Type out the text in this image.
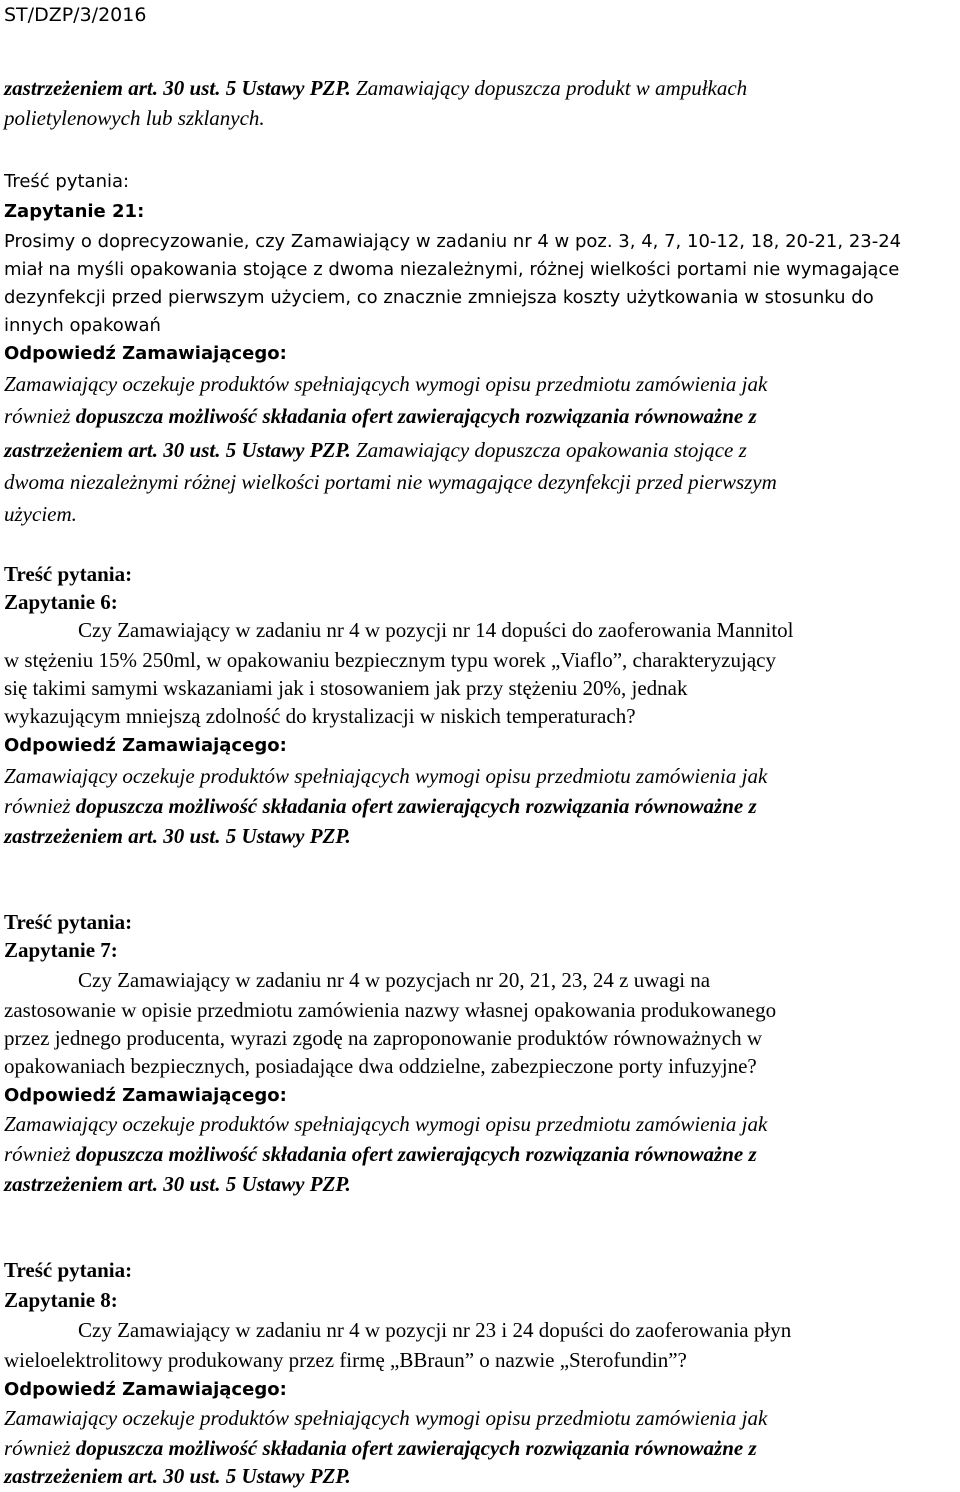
ST/DZP/3/2016
zastrzeżeniem art. 30 ust. 5 Ustawy PZP. Zamawiający dopuszcza produkt w ampułkach
polietylenowych lub szklanych.
Treść pytania:
Zapytanie 21:
Prosimy o doprecyzowanie, czy Zamawiający w zadaniu nr 4 w poz. 3, 4, 7, 10-12, 18, 20-21, 23-24
miał na myśli opakowania stojące z dwoma niezależnymi, różnej wielkości portami nie wymagające
dezynfekcji przed pierwszym użyciem, co znacznie zmniejsza koszty użytkowania w stosunku do
innych opakowań
Odpowiedź Zamawiającego:
Zamawiający oczekuje produktów spełniających wymogi opisu przedmiotu zamówienia jak
również dopuszcza możliwość składania ofert zawierających rozwiązania równoważne z
zastrzeżeniem art. 30 ust. 5 Ustawy PZP. Zamawiający dopuszcza opakowania stojące z
dwoma niezależnymi różnej wielkości portami nie wymagające dezynfekcji przed pierwszym
użyciem.
Treść pytania:
Zapytanie 6:
Czy Zamawiający w zadaniu nr 4 w pozycji nr 14 dopuści do zaoferowania Mannitol
w stężeniu 15% 250ml, w opakowaniu bezpiecznym typu worek „Viaflo”, charakteryzujący
się takimi samymi wskazaniami jak i stosowaniem jak przy stężeniu 20%, jednak
wykazującym mniejszą zdolność do krystalizacji w niskich temperaturach?
Odpowiedź Zamawiającego:
Zamawiający oczekuje produktów spełniających wymogi opisu przedmiotu zamówienia jak
również dopuszcza możliwość składania ofert zawierających rozwiązania równoważne z
zastrzeżeniem art. 30 ust. 5 Ustawy PZP.
Treść pytania:
Zapytanie 7:
Czy Zamawiający w zadaniu nr 4 w pozycjach nr 20, 21, 23, 24 z uwagi na
zastosowanie w opisie przedmiotu zamówienia nazwy własnej opakowania produkowanego
przez jednego producenta, wyrazi zgodę na zaproponowanie produktów równoważnych w
opakowaniach bezpiecznych, posiadające dwa oddzielne, zabezpieczone porty infuzyjne?
Odpowiedź Zamawiającego:
Zamawiający oczekuje produktów spełniających wymogi opisu przedmiotu zamówienia jak
również dopuszcza możliwość składania ofert zawierających rozwiązania równoważne z
zastrzeżeniem art. 30 ust. 5 Ustawy PZP.
Treść pytania:
Zapytanie 8:
Czy Zamawiający w zadaniu nr 4 w pozycji nr 23 i 24 dopuści do zaoferowania płyn
wieloelektrolitowy produkowany przez firmę „BBraun” o nazwie „Sterofundin”?
Odpowiedź Zamawiającego:
Zamawiający oczekuje produktów spełniających wymogi opisu przedmiotu zamówienia jak
również dopuszcza możliwość składania ofert zawierających rozwiązania równoważne z
zastrzeżeniem art. 30 ust. 5 Ustawy PZP.
